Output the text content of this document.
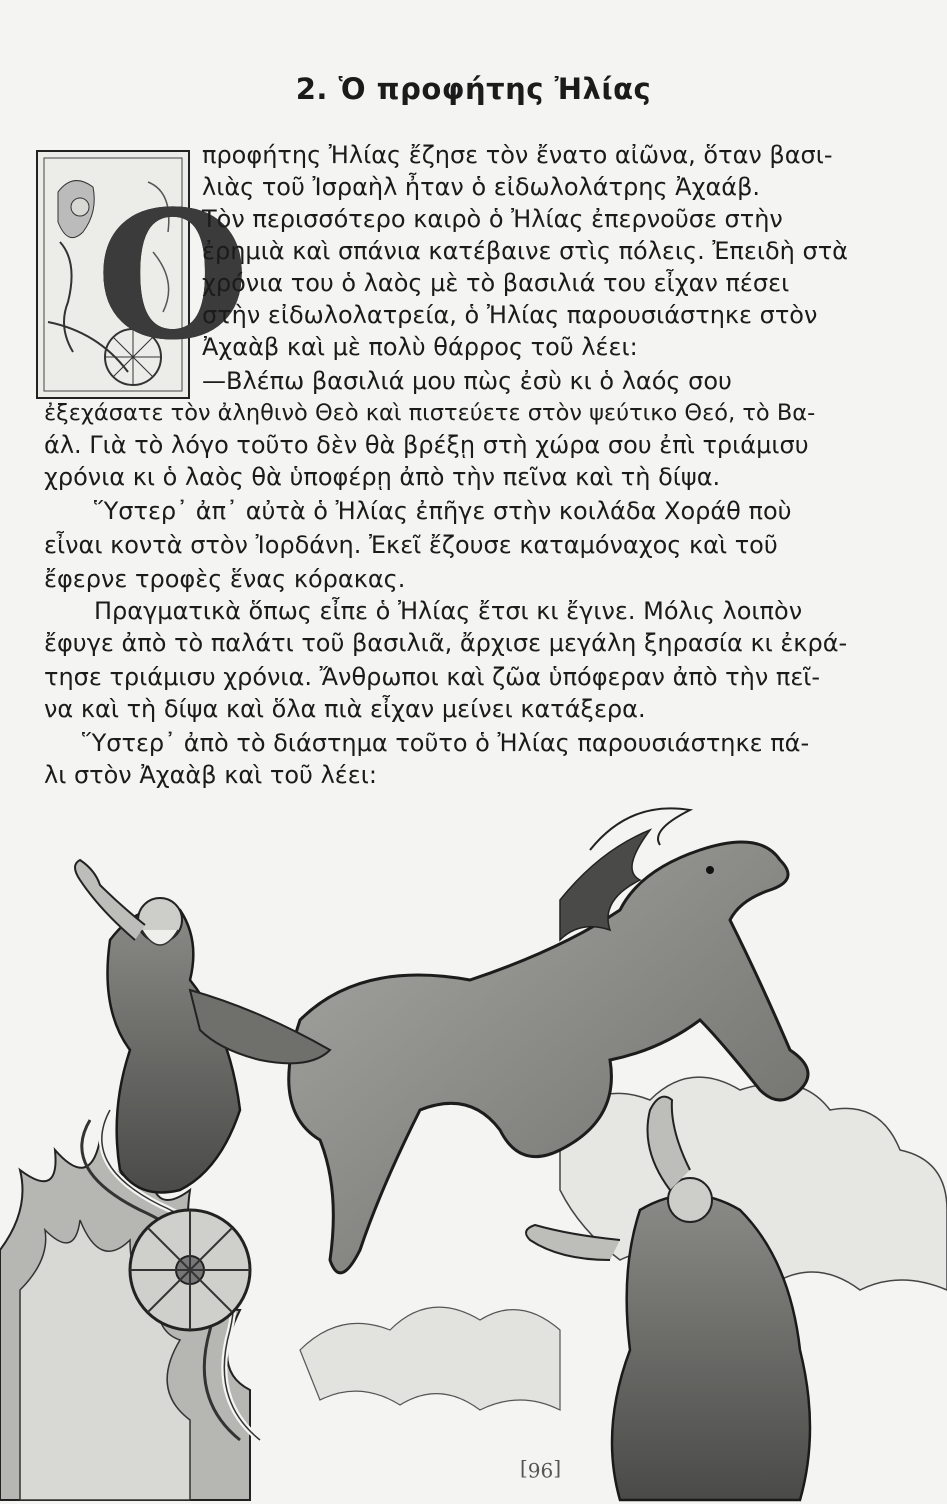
2. Ὁ προφήτης Ἠλίας
Ο
προφήτης Ἠλίας ἔζησε τὸν ἔνατο αἰῶνα, ὅταν βασι-
λιὰς τοῦ Ἰσραὴλ ἦταν ὁ εἰδωλολάτρης Ἀχαάβ.
Τὸν περισσότερο καιρὸ ὁ Ἠλίας ἐπερνοῦσε στὴν
ἐρημιὰ καὶ σπάνια κατέβαινε στὶς πόλεις. Ἐπειδὴ στὰ
χρόνια του ὁ λαὸς μὲ τὸ βασιλιά του εἶχαν πέσει
στὴν εἰδωλολατρεία, ὁ Ἠλίας παρουσιάστηκε στὸν
Ἀχαὰβ καὶ μὲ πολὺ θάρρος τοῦ λέει:
—Βλέπω βασιλιά μου πὼς ἐσὺ κι ὁ λαός σου
ἐξεχάσατε τὸν ἀληθινὸ Θεὸ καὶ πιστεύετε στὸν ψεύτικο Θεό, τὸ Βα-
άλ. Γιὰ τὸ λόγο τοῦτο δὲν θὰ βρέξῃ στὴ χώρα σου ἐπὶ τριάμισυ
χρόνια κι ὁ λαὸς θὰ ὑποφέρῃ ἀπὸ τὴν πεῖνα καὶ τὴ δίψα.
Ὕστερ᾽ ἀπ᾽ αὐτὰ ὁ Ἠλίας ἐπῆγε στὴν κοιλάδα Χοράθ ποὺ
εἶναι κοντὰ στὸν Ἰορδάνη. Ἐκεῖ ἔζουσε καταμόναχος καὶ τοῦ
ἔφερνε τροφὲς ἕνας κόρακας.
Πραγματικὰ ὅπως εἶπε ὁ Ἠλίας ἔτσι κι ἔγινε. Μόλις λοιπὸν
ἔφυγε ἀπὸ τὸ παλάτι τοῦ βασιλιᾶ, ἄρχισε μεγάλη ξηρασία κι ἐκρά-
τησε τριάμισυ χρόνια. Ἄνθρωποι καὶ ζῶα ὑπόφεραν ἀπὸ τὴν πεῖ-
να καὶ τὴ δίψα καὶ ὅλα πιὰ εἶχαν μείνει κατάξερα.
Ὕστερ᾽ ἀπὸ τὸ διάστημα τοῦτο ὁ Ἠλίας παρουσιάστηκε πά-
λι στὸν Ἀχαὰβ καὶ τοῦ λέει:
[96]
